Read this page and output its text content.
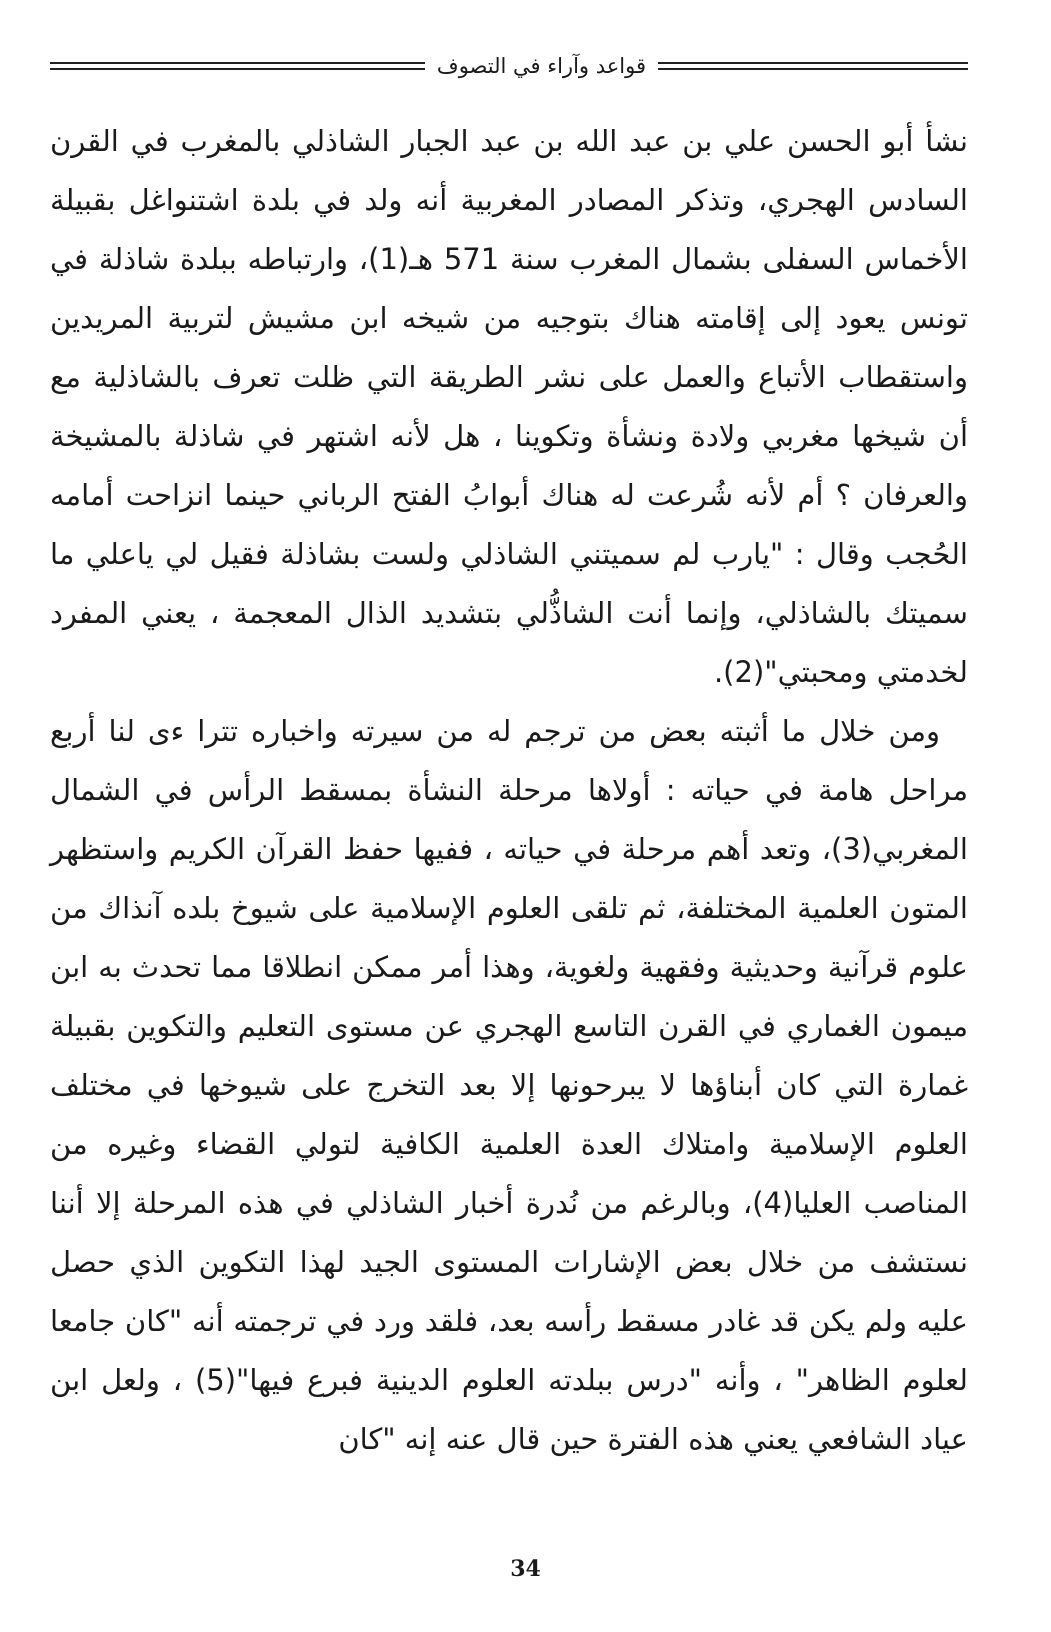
قواعد وآراء في التصوف

نشأ أبو الحسن علي بن عبد الله بن عبد الجبار الشاذلي بالمغرب في القرن السادس الهجري، وتذكر المصادر المغربية أنه ولد في بلدة اشتنواغل بقبيلة الأخماس السفلى بشمال المغرب سنة 571 هـ(1)، وارتباطه ببلدة شاذلة في تونس يعود إلى إقامته هناك بتوجيه من شيخه ابن مشيش لتربية المريدين واستقطاب الأتباع والعمل على نشر الطريقة التي ظلت تعرف بالشاذلية مع أن شيخها مغربي ولادة ونشأة وتكوينا ، هل لأنه اشتهر في شاذلة بالمشيخة والعرفان ؟ أم لأنه شُرعت له هناك أبوابُ الفتح الرباني حينما انزاحت أمامه الحُجب وقال : "يارب لم سميتني الشاذلي ولست بشاذلة فقيل لي ياعلي ما سميتك بالشاذلي، وإنما أنت الشاذُّلي بتشديد الذال المعجمة ، يعني المفرد لخدمتي ومحبتي"(2).

ومن خلال ما أثبته بعض من ترجم له من سيرته واخباره تترا ءى لنا أربع مراحل هامة في حياته : أولاها مرحلة النشأة بمسقط الرأس في الشمال المغربي(3)، وتعد أهم مرحلة في حياته ، ففيها حفظ القرآن الكريم واستظهر المتون العلمية المختلفة، ثم تلقى العلوم الإسلامية على شيوخ بلده آنذاك من علوم قرآنية وحديثية وفقهية ولغوية، وهذا أمر ممكن انطلاقا مما تحدث به ابن ميمون الغماري في القرن التاسع الهجري عن مستوى التعليم والتكوين بقبيلة غمارة التي كان أبناؤها لا يبرحونها إلا بعد التخرج على شيوخها في مختلف العلوم الإسلامية وامتلاك العدة العلمية الكافية لتولي القضاء وغيره من المناصب العليا(4)، وبالرغم من نُدرة أخبار الشاذلي في هذه المرحلة إلا أننا نستشف من خلال بعض الإشارات المستوى الجيد لهذا التكوين الذي حصل عليه ولم يكن قد غادر مسقط رأسه بعد، فلقد ورد في ترجمته أنه "كان جامعا لعلوم الظاهر" ، وأنه "درس ببلدته العلوم الدينية فبرع فيها"(5) ، ولعل ابن عياد الشافعي يعني هذه الفترة حين قال عنه إنه "كان

34
